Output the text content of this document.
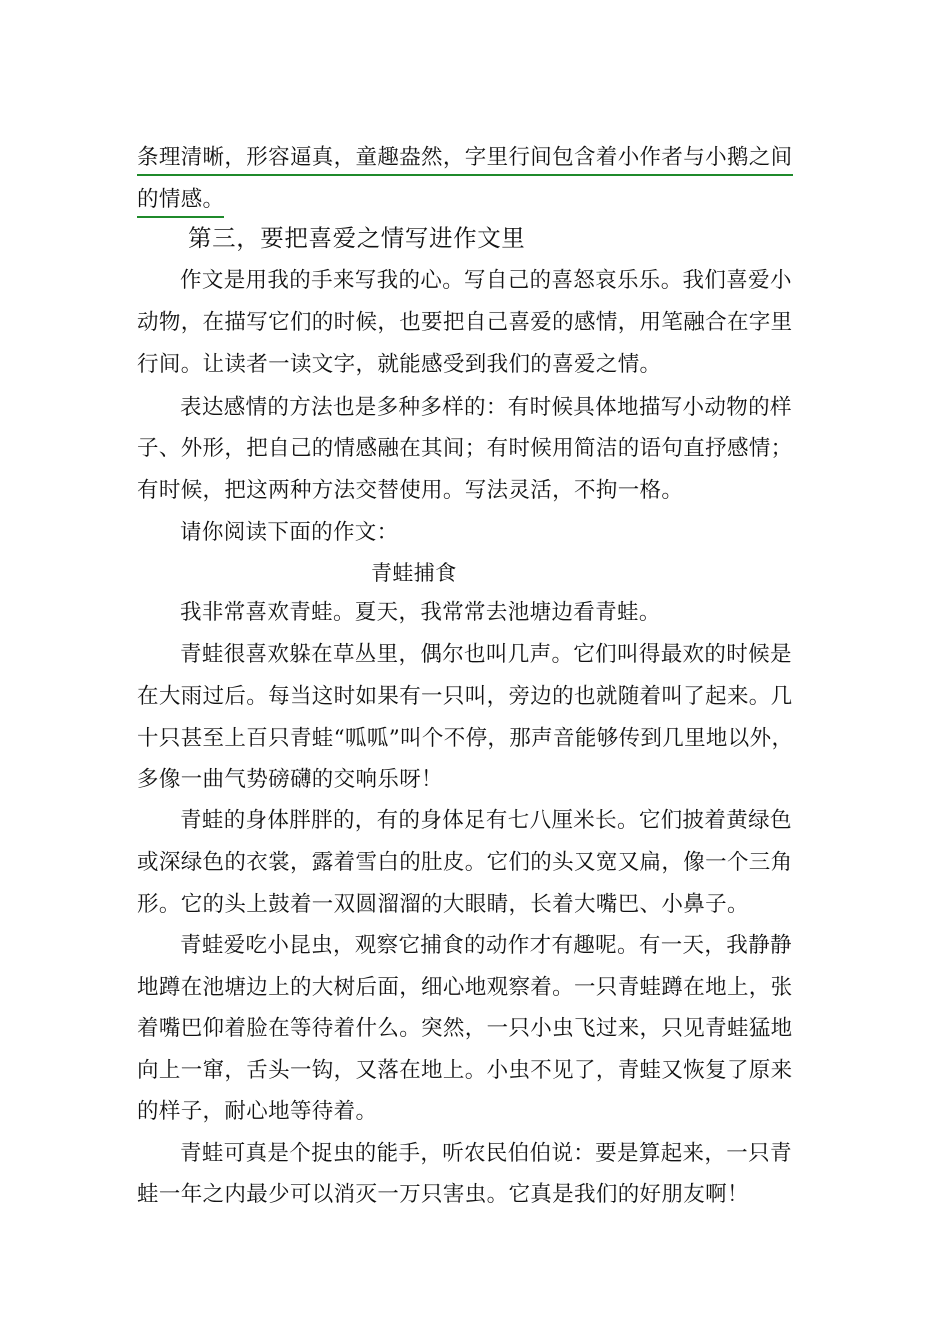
条理清晰，形容逼真，童趣盎然，字里行间包含着小作者与小鹅之间
的情感。
第三，要把喜爱之情写进作文里
作文是用我的手来写我的心。写自己的喜怒哀乐乐。我们喜爱小
动物，在描写它们的时候，也要把自己喜爱的感情，用笔融合在字里
行间。让读者一读文字，就能感受到我们的喜爱之情。
表达感情的方法也是多种多样的：有时候具体地描写小动物的样
子、外形，把自己的情感融在其间；有时候用简洁的语句直抒感情；
有时候，把这两种方法交替使用。写法灵活，不拘一格。
请你阅读下面的作文：
青蛙捕食
我非常喜欢青蛙。夏天，我常常去池塘边看青蛙。
青蛙很喜欢躲在草丛里，偶尔也叫几声。它们叫得最欢的时候是
在大雨过后。每当这时如果有一只叫，旁边的也就随着叫了起来。几
十只甚至上百只青蛙“呱呱”叫个不停，那声音能够传到几里地以外，
多像一曲气势磅礴的交响乐呀！
青蛙的身体胖胖的，有的身体足有七八厘米长。它们披着黄绿色
或深绿色的衣裳，露着雪白的肚皮。它们的头又宽又扁，像一个三角
形。它的头上鼓着一双圆溜溜的大眼睛，长着大嘴巴、小鼻子。
青蛙爱吃小昆虫，观察它捕食的动作才有趣呢。有一天，我静静
地蹲在池塘边上的大树后面，细心地观察着。一只青蛙蹲在地上，张
着嘴巴仰着脸在等待着什么。突然，一只小虫飞过来，只见青蛙猛地
向上一窜，舌头一钩，又落在地上。小虫不见了，青蛙又恢复了原来
的样子，耐心地等待着。
青蛙可真是个捉虫的能手，听农民伯伯说：要是算起来，一只青
蛙一年之内最少可以消灭一万只害虫。它真是我们的好朋友啊！
